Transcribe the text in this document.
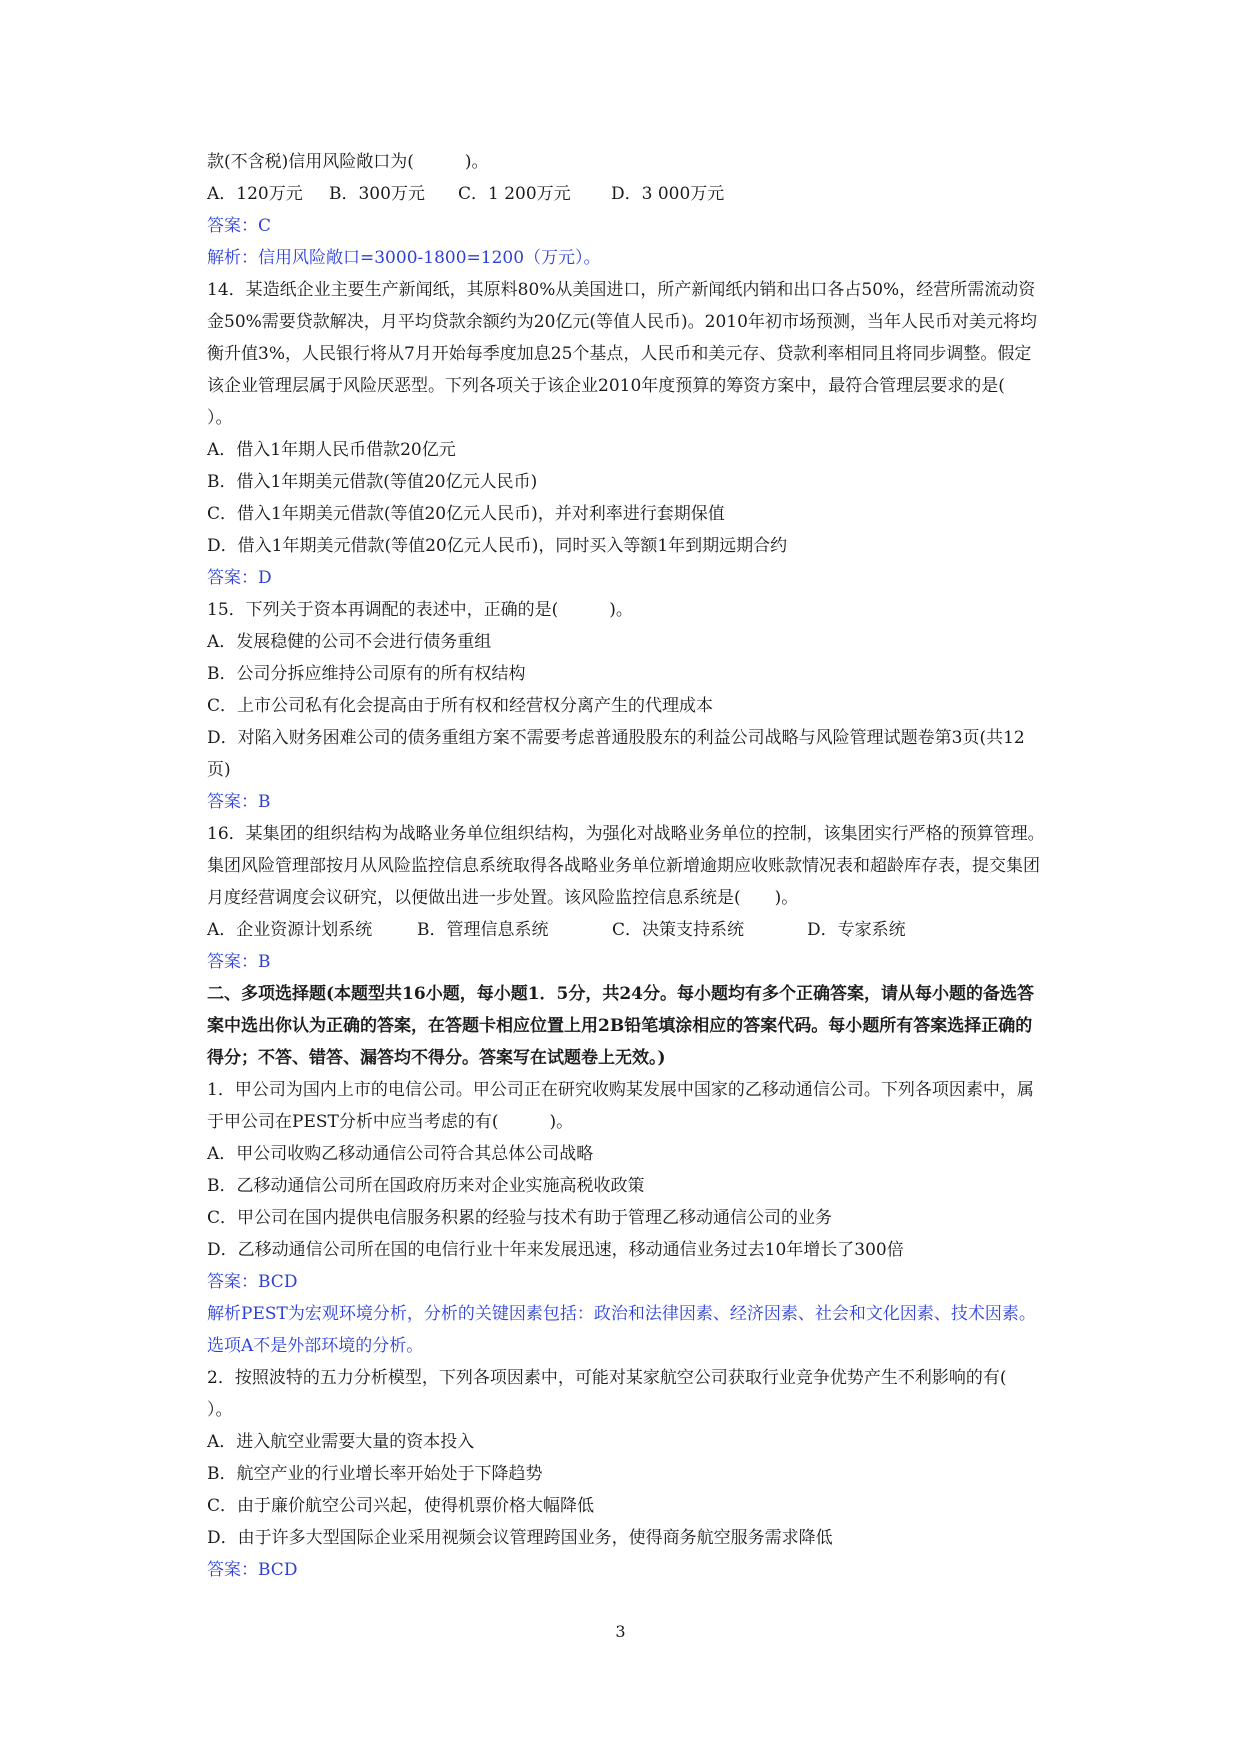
款(不含税)信用风险敞口为(　　　)。
A．120万元 B．300万元 C．1 200万元 D．3 000万元
答案：C
解析：信用风险敞口=3000-1800=1200（万元）。
14．某造纸企业主要生产新闻纸，其原料80%从美国进口，所产新闻纸内销和出口各占50%，经营所需流动资
金50%需要贷款解决，月平均贷款余额约为20亿元(等值人民币)。2010年初市场预测，当年人民币对美元将均
衡升值3%，人民银行将从7月开始每季度加息25个基点，人民币和美元存、贷款利率相同且将同步调整。假定
该企业管理层属于风险厌恶型。下列各项关于该企业2010年度预算的筹资方案中，最符合管理层要求的是(
）。
A．借入1年期人民币借款20亿元
B．借入1年期美元借款(等值20亿元人民币)
C．借入1年期美元借款(等值20亿元人民币)，并对利率进行套期保值
D．借入1年期美元借款(等值20亿元人民币)，同时买入等额1年到期远期合约
答案：D
15．下列关于资本再调配的表述中，正确的是(　　　)。
A．发展稳健的公司不会进行债务重组
B．公司分拆应维持公司原有的所有权结构
C．上市公司私有化会提高由于所有权和经营权分离产生的代理成本
D．对陷入财务困难公司的债务重组方案不需要考虑普通股股东的利益公司战略与风险管理试题卷第3页(共12
页)
答案：B
16．某集团的组织结构为战略业务单位组织结构，为强化对战略业务单位的控制，该集团实行严格的预算管理。
集团风险管理部按月从风险监控信息系统取得各战略业务单位新增逾期应收账款情况表和超龄库存表，提交集团
月度经营调度会议研究，以便做出进一步处置。该风险监控信息系统是(　　)。
A．企业资源计划系统	B．管理信息系统	C．决策支持系统	D．专家系统
答案：B
二、多项选择题(本题型共16小题，每小题1．5分，共24分。每小题均有多个正确答案，请从每小题的备选答
案中选出你认为正确的答案，在答题卡相应位置上用2B铅笔填涂相应的答案代码。每小题所有答案选择正确的
得分；不答、错答、漏答均不得分。答案写在试题卷上无效。)
1．甲公司为国内上市的电信公司。甲公司正在研究收购某发展中国家的乙移动通信公司。下列各项因素中，属
于甲公司在PEST分析中应当考虑的有(　　　)。
A．甲公司收购乙移动通信公司符合其总体公司战略
B．乙移动通信公司所在国政府历来对企业实施高税收政策
C．甲公司在国内提供电信服务积累的经验与技术有助于管理乙移动通信公司的业务
D．乙移动通信公司所在国的电信行业十年来发展迅速，移动通信业务过去10年增长了300倍
答案：BCD
解析PEST为宏观环境分析，分析的关键因素包括：政治和法律因素、经济因素、社会和文化因素、技术因素。
选项A不是外部环境的分析。
2．按照波特的五力分析模型，下列各项因素中，可能对某家航空公司获取行业竞争优势产生不利影响的有(
）。
A．进入航空业需要大量的资本投入
B．航空产业的行业增长率开始处于下降趋势
C．由于廉价航空公司兴起，使得机票价格大幅降低
D．由于许多大型国际企业采用视频会议管理跨国业务，使得商务航空服务需求降低
答案：BCD
3
